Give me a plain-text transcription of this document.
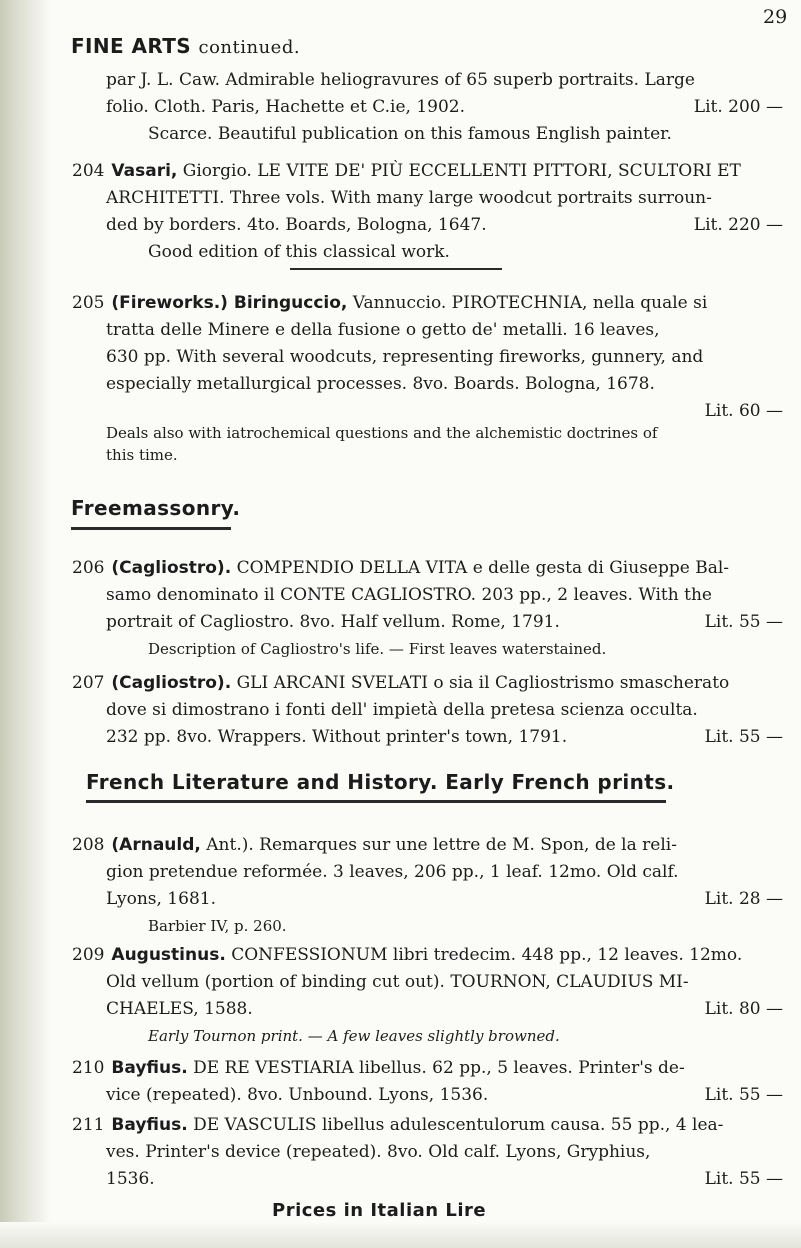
29
FINE ARTS continued.
par J. L. Caw. Admirable heliogravures of 65 superb portraits. Large
folio. Cloth. Paris, Hachette et C.ie, 1902.	Lit. 200 —
Scarce. Beautiful publication on this famous English painter.
204 Vasari, Giorgio. LE VITE DE' PIÙ ECCELLENTI PITTORI, SCULTORI ET
ARCHITETTI. Three vols. With many large woodcut portraits surroun-
ded by borders. 4to. Boards, Bologna, 1647.	Lit. 220 —
Good edition of this classical work.
205 (Fireworks.) Biringuccio, Vannuccio. PIROTECHNIA, nella quale si
tratta delle Minere e della fusione o getto de' metalli. 16 leaves,
630 pp. With several woodcuts, representing fireworks, gunnery, and
especially metallurgical processes. 8vo. Boards. Bologna, 1678.
Lit. 60 —
Deals also with iatrochemical questions and the alchemistic doctrines of
this time.
Freemassonry.
206 (Cagliostro). COMPENDIO DELLA VITA e delle gesta di Giuseppe Bal-
samo denominato il CONTE CAGLIOSTRO. 203 pp., 2 leaves. With the
portrait of Cagliostro. 8vo. Half vellum. Rome, 1791.	Lit. 55 —
Description of Cagliostro's life. — First leaves waterstained.
207 (Cagliostro). GLI ARCANI SVELATI o sia il Cagliostrismo smascherato
dove si dimostrano i fonti dell' impietà della pretesa scienza occulta.
232 pp. 8vo. Wrappers. Without printer's town, 1791.	Lit. 55 —
French Literature and History. Early French prints.
208 (Arnauld, Ant.). Remarques sur une lettre de M. Spon, de la reli-
gion pretendue reformée. 3 leaves, 206 pp., 1 leaf. 12mo. Old calf.
Lyons, 1681.	Lit. 28 —
Barbier IV, p. 260.
209 Augustinus. CONFESSIONUM libri tredecim. 448 pp., 12 leaves. 12mo.
Old vellum (portion of binding cut out). TOURNON, CLAUDIUS MI-
CHAELES, 1588.	Lit. 80 —
Early Tournon print. — A few leaves slightly browned.
210 Bayfius. DE RE VESTIARIA libellus. 62 pp., 5 leaves. Printer's de-
vice (repeated). 8vo. Unbound. Lyons, 1536.	Lit. 55 —
211 Bayfius. DE VASCULIS libellus adulescentulorum causa. 55 pp., 4 lea-
ves. Printer's device (repeated). 8vo. Old calf. Lyons, Gryphius,
1536.	Lit. 55 —
Prices in Italian Lire
